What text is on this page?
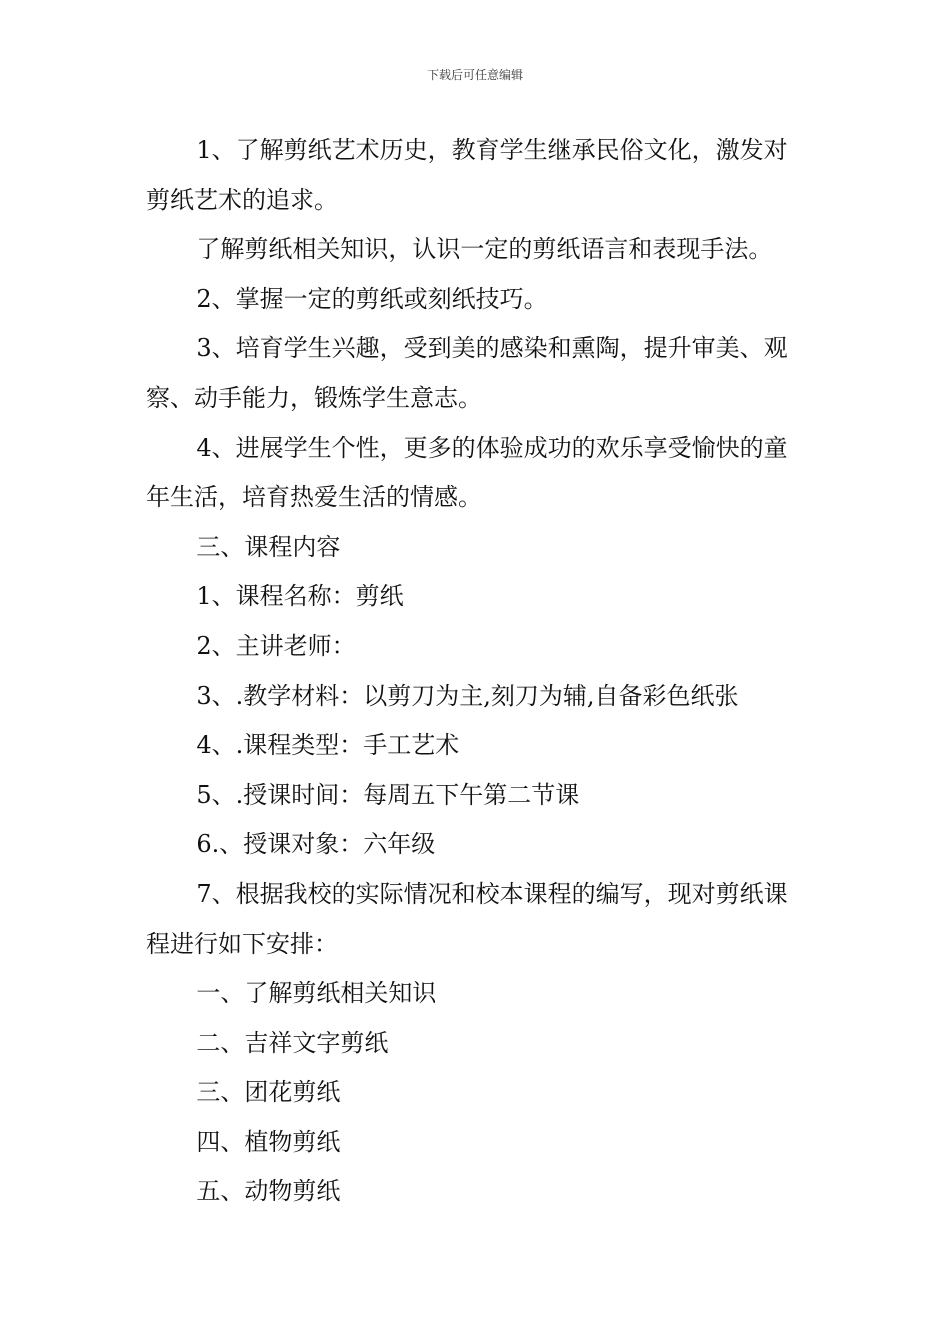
下载后可任意编辑

1、了解剪纸艺术历史，教育学生继承民俗文化，激发对剪纸艺术的追求。

了解剪纸相关知识，认识一定的剪纸语言和表现手法。

2、掌握一定的剪纸或刻纸技巧。

3、培育学生兴趣，受到美的感染和熏陶，提升审美、观察、动手能力，锻炼学生意志。

4、进展学生个性，更多的体验成功的欢乐享受愉快的童年生活，培育热爱生活的情感。

三、课程内容

1、课程名称：剪纸

2、主讲老师：

3、.教学材料：以剪刀为主,刻刀为辅,自备彩色纸张

4、.课程类型：手工艺术

5、.授课时间：每周五下午第二节课

6.、授课对象：六年级

7、根据我校的实际情况和校本课程的编写，现对剪纸课程进行如下安排：

一、了解剪纸相关知识

二、吉祥文字剪纸

三、团花剪纸

四、植物剪纸

五、动物剪纸
